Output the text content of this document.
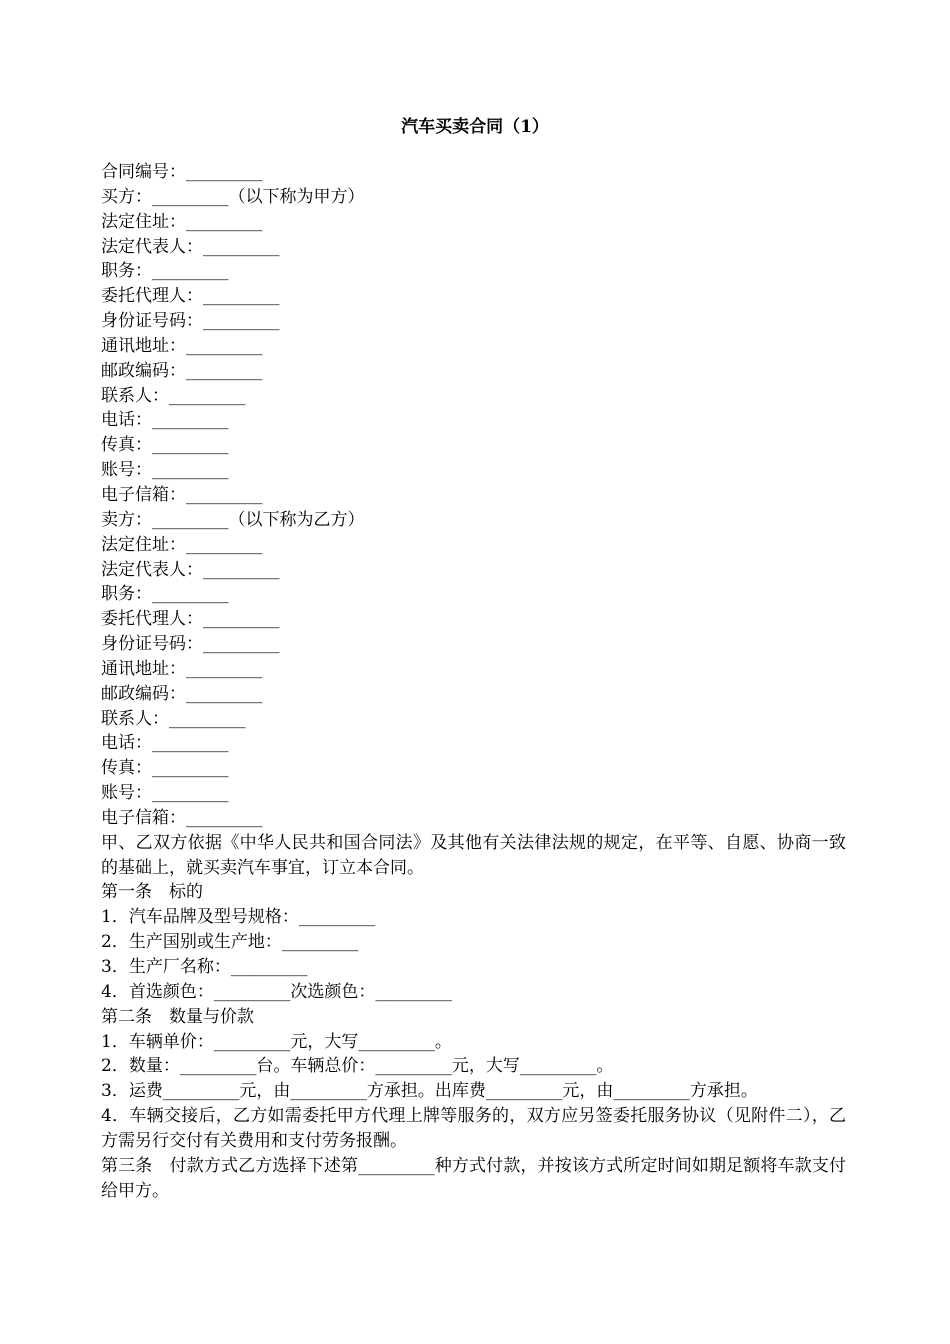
汽车买卖合同（1）
合同编号：_________
买方：_________（以下称为甲方）
法定住址：_________
法定代表人：_________
职务：_________
委托代理人：_________
身份证号码：_________
通讯地址：_________
邮政编码：_________
联系人：_________
电话：_________
传真：_________
账号：_________
电子信箱：_________
卖方：_________（以下称为乙方）
法定住址：_________
法定代表人：_________
职务：_________
委托代理人：_________
身份证号码：_________
通讯地址：_________
邮政编码：_________
联系人：_________
电话：_________
传真：_________
账号：_________
电子信箱：_________
甲、乙双方依据《中华人民共和国合同法》及其他有关法律法规的规定，在平等、自愿、协商一致的基础上，就买卖汽车事宜，订立本合同。
第一条　标的
1．汽车品牌及型号规格：_________
2．生产国别或生产地：_________
3．生产厂名称：_________
4．首选颜色：_________次选颜色：_________
第二条　数量与价款
1．车辆单价：_________元，大写_________。
2．数量：_________台。车辆总价：_________元，大写_________。
3．运费_________元，由_________方承担。出库费_________元，由_________方承担。
4．车辆交接后，乙方如需委托甲方代理上牌等服务的，双方应另签委托服务协议（见附件二），乙方需另行交付有关费用和支付劳务报酬。
第三条　付款方式乙方选择下述第_________种方式付款，并按该方式所定时间如期足额将车款支付给甲方。
